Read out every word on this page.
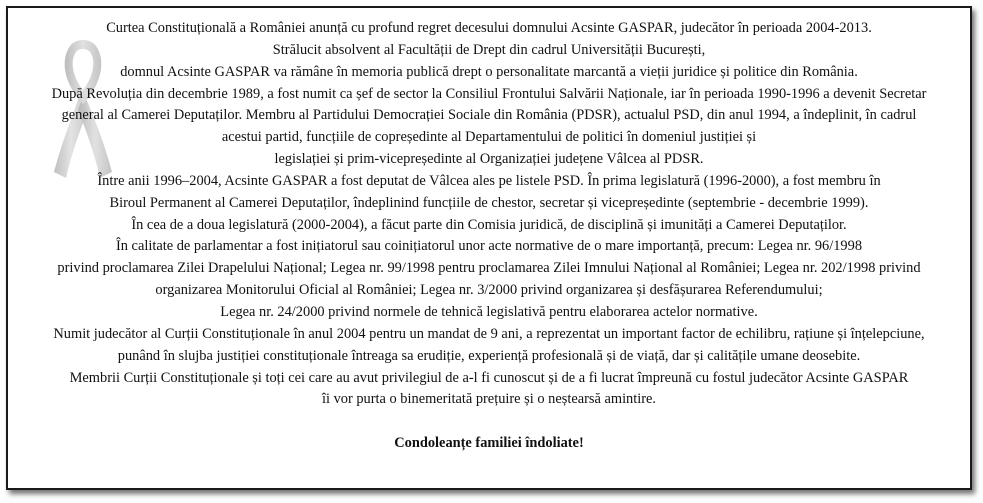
Curtea Constituțională a României anunță cu profund regret decesului domnului Acsinte GASPAR, judecător în perioada 2004-2013.
Strălucit absolvent al Facultății de Drept din cadrul Universității București,
domnul Acsinte GASPAR va rămâne în memoria publică drept o personalitate marcantă a vieții juridice și politice din România.
După Revoluția din decembrie 1989, a fost numit ca șef de sector la Consiliul Frontului Salvării Naționale, iar în perioada 1990-1996 a devenit Secretar
general al Camerei Deputaților. Membru al Partidului Democrației Sociale din România (PDSR), actualul PSD, din anul 1994, a îndeplinit, în cadrul
acestui partid, funcțiile de copreședinte al Departamentului de politici în domeniul justiției și
legislației și prim-vicepreședinte al Organizației județene Vâlcea al PDSR.
Între anii 1996–2004, Acsinte GASPAR a fost deputat de Vâlcea ales pe listele PSD. În prima legislatură (1996-2000), a fost membru în
Biroul Permanent al Camerei Deputaților, îndeplinind funcțiile de chestor, secretar și vicepreședinte (septembrie - decembrie 1999).
În cea de a doua legislatură (2000-2004), a făcut parte din Comisia juridică, de disciplină și imunități a Camerei Deputaților.
În calitate de parlamentar a fost inițiatorul sau coinițiatorul unor acte normative de o mare importanță, precum: Legea nr. 96/1998
privind proclamarea Zilei Drapelului Național; Legea nr. 99/1998 pentru proclamarea Zilei Imnului Național al României; Legea nr. 202/1998 privind
organizarea Monitorului Oficial al României; Legea nr. 3/2000 privind organizarea și desfășurarea Referendumului;
Legea nr. 24/2000 privind normele de tehnică legislativă pentru elaborarea actelor normative.
Numit judecător al Curții Constituționale în anul 2004 pentru un mandat de 9 ani, a reprezentat un important factor de echilibru, rațiune și înțelepciune,
punând în slujba justiției constituționale întreaga sa erudiție, experiență profesională și de viață, dar și calitățile umane deosebite.
Membrii Curții Constituționale și toți cei care au avut privilegiul de a-l fi cunoscut și de a fi lucrat împreună cu fostul judecător Acsinte GASPAR
îi vor purta o binemeritată prețuire și o neștearsă amintire.
Condoleanțe familiei îndoliate!
